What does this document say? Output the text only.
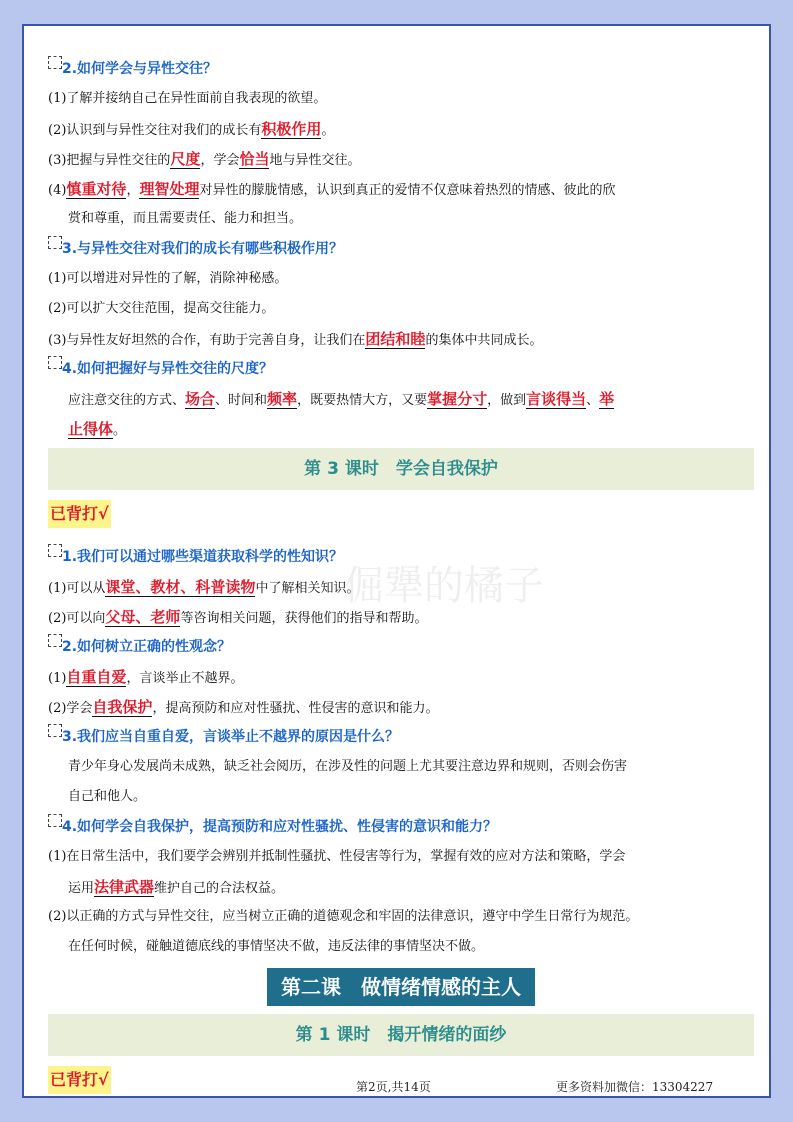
倔犟的橘子
2.如何学会与异性交往？
(1)了解并接纳自己在异性面前自我表现的欲望。
(2)认识到与异性交往对我们的成长有积极作用。
(3)把握与异性交往的尺度，学会恰当地与异性交往。
(4)慎重对待，理智处理对异性的朦胧情感，认识到真正的爱情不仅意味着热烈的情感、彼此的欣
赏和尊重，而且需要责任、能力和担当。
3.与异性交往对我们的成长有哪些积极作用？
(1)可以增进对异性的了解，消除神秘感。
(2)可以扩大交往范围，提高交往能力。
(3)与异性友好坦然的合作，有助于完善自身，让我们在团结和睦的集体中共同成长。
4.如何把握好与异性交往的尺度？
应注意交往的方式、场合、时间和频率，既要热情大方，又要掌握分寸，做到言谈得当、举
止得体。
第 3 课时　学会自我保护
已背打√
1.我们可以通过哪些渠道获取科学的性知识？
(1)可以从课堂、教材、科普读物中了解相关知识。
(2)可以向父母、老师等咨询相关问题，获得他们的指导和帮助。
2.如何树立正确的性观念？
(1)自重自爱，言谈举止不越界。
(2)学会自我保护，提高预防和应对性骚扰、性侵害的意识和能力。
3.我们应当自重自爱，言谈举止不越界的原因是什么？
青少年身心发展尚未成熟，缺乏社会阅历，在涉及性的问题上尤其要注意边界和规则，否则会伤害
自己和他人。
4.如何学会自我保护，提高预防和应对性骚扰、性侵害的意识和能力？
(1)在日常生活中，我们要学会辨别并抵制性骚扰、性侵害等行为，掌握有效的应对方法和策略，学会
运用法律武器维护自己的合法权益。
(2)以正确的方式与异性交往，应当树立正确的道德观念和牢固的法律意识，遵守中学生日常行为规范。
在任何时候，碰触道德底线的事情坚决不做，违反法律的事情坚决不做。
第二课　做情绪情感的主人
第 1 课时　揭开情绪的面纱
已背打√	第2页,共14页	更多资料加微信：13304227
